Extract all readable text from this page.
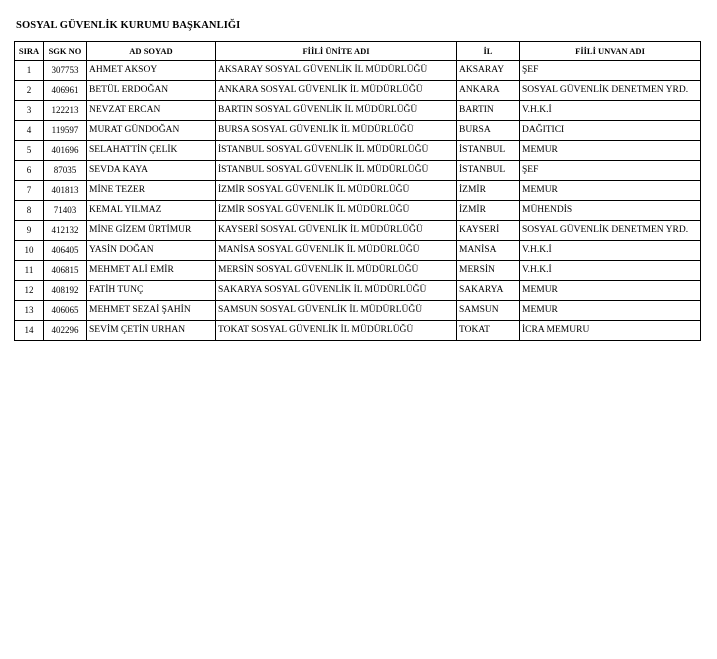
SOSYAL GÜVENLİK KURUMU BAŞKANLIĞI
SIRA	SGK NO	AD SOYAD	FİİLİ ÜNİTE ADI	İL	FİİLİ UNVAN ADI
1	307753	AHMET AKSOY	AKSARAY SOSYAL GÜVENLİK İL MÜDÜRLÜĞÜ	AKSARAY	ŞEF
2	406961	BETÜL ERDOĞAN	ANKARA SOSYAL GÜVENLİK İL MÜDÜRLÜĞÜ	ANKARA	SOSYAL GÜVENLİK DENETMEN YRD.
3	122213	NEVZAT ERCAN	BARTIN SOSYAL GÜVENLİK İL MÜDÜRLÜĞÜ	BARTIN	V.H.K.İ
4	119597	MURAT GÜNDOĞAN	BURSA SOSYAL GÜVENLİK İL MÜDÜRLÜĞÜ	BURSA	DAĞITICI
5	401696	SELAHATTİN ÇELİK	İSTANBUL SOSYAL GÜVENLİK İL MÜDÜRLÜĞÜ	İSTANBUL	MEMUR
6	87035	SEVDA KAYA	İSTANBUL SOSYAL GÜVENLİK İL MÜDÜRLÜĞÜ	İSTANBUL	ŞEF
7	401813	MİNE TEZER	İZMİR SOSYAL GÜVENLİK İL MÜDÜRLÜĞÜ	İZMİR	MEMUR
8	71403	KEMAL YILMAZ	İZMİR SOSYAL GÜVENLİK İL MÜDÜRLÜĞÜ	İZMİR	MÜHENDİS
9	412132	MİNE GİZEM ÜRTİMUR	KAYSERİ SOSYAL GÜVENLİK İL MÜDÜRLÜĞÜ	KAYSERİ	SOSYAL GÜVENLİK DENETMEN YRD.
10	406405	YASİN DOĞAN	MANİSA SOSYAL GÜVENLİK İL MÜDÜRLÜĞÜ	MANİSA	V.H.K.İ
11	406815	MEHMET ALİ EMİR	MERSİN SOSYAL GÜVENLİK İL MÜDÜRLÜĞÜ	MERSİN	V.H.K.İ
12	408192	FATİH TUNÇ	SAKARYA SOSYAL GÜVENLİK İL MÜDÜRLÜĞÜ	SAKARYA	MEMUR
13	406065	MEHMET SEZAİ ŞAHİN	SAMSUN SOSYAL GÜVENLİK İL MÜDÜRLÜĞÜ	SAMSUN	MEMUR
14	402296	SEVİM ÇETİN URHAN	TOKAT SOSYAL GÜVENLİK İL MÜDÜRLÜĞÜ	TOKAT	İCRA MEMURU
